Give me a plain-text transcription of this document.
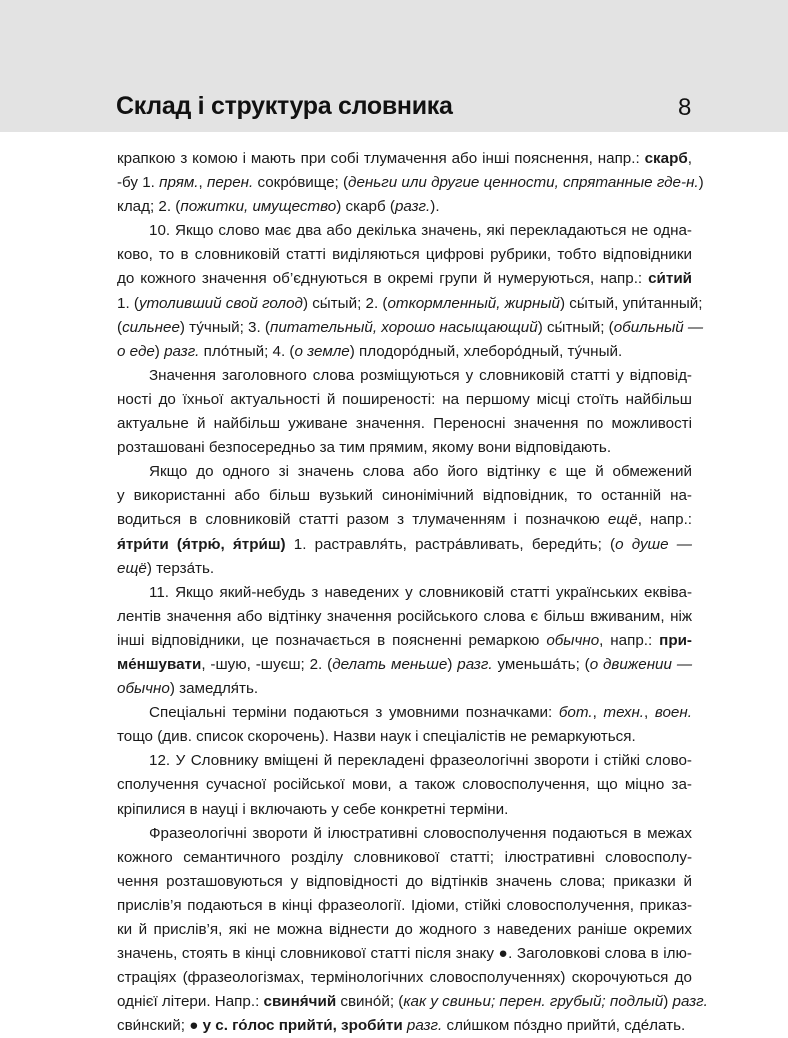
Склад і структура словника	8

крапкою з комою і мають при собі тлумачення або інші пояснення, напр.: скарб,
-бу 1. прям., перен. сокро́вище; (деньги или другие ценности, спрятанные где-н.)
клад; 2. (пожитки, имущество) скарб (разг.).

10. Якщо слово має два або декілька значень, які перекладаються не одна-
ково, то в словниковій статті виділяються цифрові рубрики, тобто відповідники
до кожного значення об’єднуються в окремі групи й нумеруються, напр.: си́тий
1. (утоливший свой голод) сы́тый; 2. (откормленный, жирный) сы́тый, упи́танный;
(сильнее) ту́чный; 3. (питательный, хорошо насыщающий) сы́тный; (обильный —
о еде) разг. пло́тный; 4. (о земле) плодоро́дный, хлеборо́дный, ту́чный.

Значення заголовного слова розміщуються у словниковій статті у відповід-
ності до їхньої актуальності й поширеності: на першому місці стоїть найбільш
актуальне й найбільш уживане значення. Переносні значення по можливості
розташовані безпосередньо за тим прямим, якому вони відповідають.

Якщо до одного зі значень слова або його відтінку є ще й обмежений
у використанні або більш вузький синонімічний відповідник, то останній на-
водиться в словниковій статті разом з тлумаченням і позначкою ещё, напр.:
я́три́ти (я́трю́, я́три́ш) 1. растравля́ть, растра́вливать, береди́ть; (о душе —
ещё) терза́ть.

11. Якщо який-небудь з наведених у словниковій статті українських еквіва-
лентів значення або відтінку значення російського слова є більш вживаним, ніж
інші відповідники, це позначається в поясненні ремаркою обычно, напр.: при-
ме́ншувати, -шую, -шуєш; 2. (делать меньше) разг. уменьша́ть; (о движении —
обычно) замедля́ть.

Спеціальні терміни подаються з умовними позначками: бот., техн., воен.
тощо (див. список скорочень). Назви наук і спеціалістів не ремаркуються.

12. У Словнику вміщені й перекладені фразеологічні звороти і стійкі слово-
сполучення сучасної російської мови, а також словосполучення, що міцно за-
кріпилися в науці і включають у себе конкретні терміни.

Фразеологічні звороти й ілюстративні словосполучення подаються в межах
кожного семантичного розділу словникової статті; ілюстративні словосполу-
чення розташовуються у відповідності до відтінків значень слова; приказки й
прислів’я подаються в кінці фразеології. Ідіоми, стійкі словосполучення, приказ-
ки й прислів’я, які не можна віднести до жодного з наведених раніше окремих
значень, стоять в кінці словникової статті після знаку ●. Заголовкові слова в ілю-
страціях (фразеологізмах, термінологічних словосполученнях) скорочуються до
однієї літери. Напр.: свиня́чий свино́й; (как у свиньи; перен. грубый; подлый) разг.
сви́нский; ● у с. го́лос прийти́, зроби́ти разг. сли́шком по́здно прийти́, сде́лать.
